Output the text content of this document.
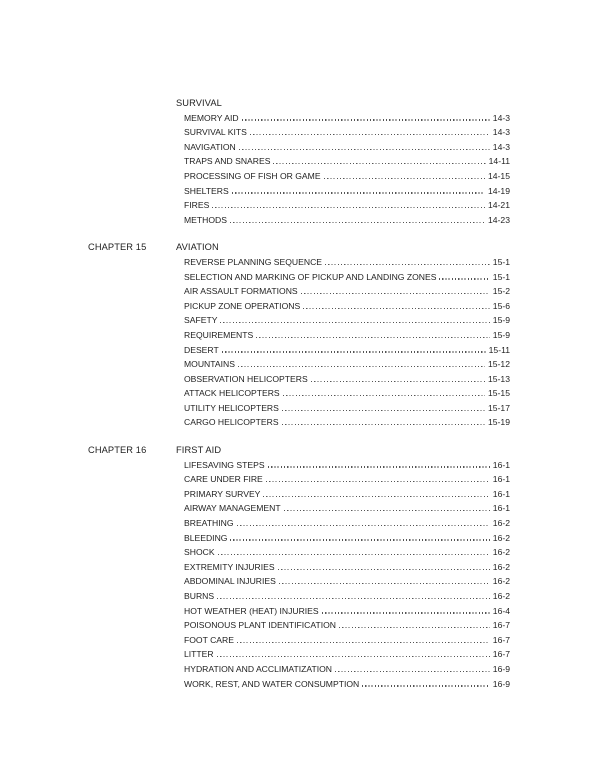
SURVIVAL
MEMORY AID	14-3
SURVIVAL KITS	14-3
NAVIGATION	14-3
TRAPS AND SNARES	14-11
PROCESSING OF FISH OR GAME	14-15
SHELTERS	14-19
FIRES	14-21
METHODS	14-23
CHAPTER 15	AVIATION
REVERSE PLANNING SEQUENCE	15-1
SELECTION AND MARKING OF PICKUP AND LANDING ZONES	15-1
AIR ASSAULT FORMATIONS	15-2
PICKUP ZONE OPERATIONS	15-6
SAFETY	15-9
REQUIREMENTS	15-9
DESERT	15-11
MOUNTAINS	15-12
OBSERVATION HELICOPTERS	15-13
ATTACK HELICOPTERS	15-15
UTILITY HELICOPTERS	15-17
CARGO HELICOPTERS	15-19
CHAPTER 16	FIRST AID
LIFESAVING STEPS	16-1
CARE UNDER FIRE	16-1
PRIMARY SURVEY	16-1
AIRWAY MANAGEMENT	16-1
BREATHING	16-2
BLEEDING	16-2
SHOCK	16-2
EXTREMITY INJURIES	16-2
ABDOMINAL INJURIES	16-2
BURNS	16-2
HOT WEATHER (HEAT) INJURIES	16-4
POISONOUS PLANT IDENTIFICATION	16-7
FOOT CARE	16-7
LITTER	16-7
HYDRATION AND ACCLIMATIZATION	16-9
WORK, REST, AND WATER CONSUMPTION	16-9
